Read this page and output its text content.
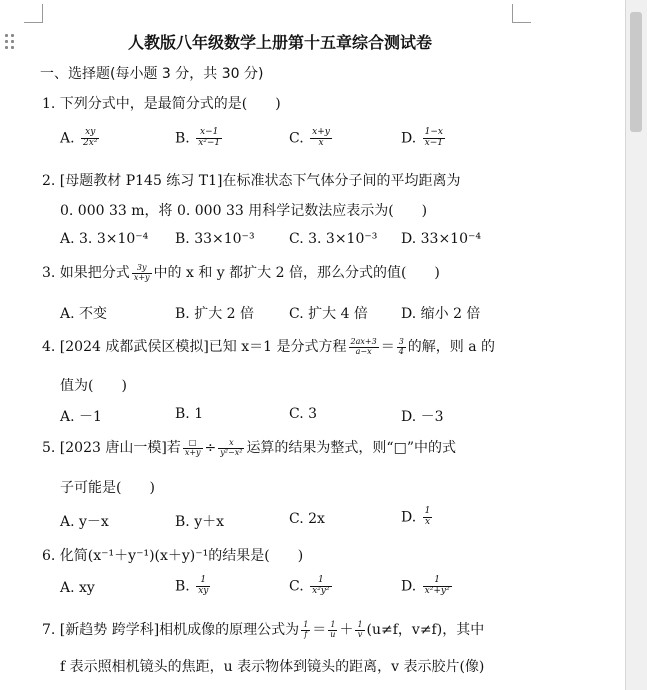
人教版八年级数学上册第十五章综合测试卷
一、选择题(每小题 3 分，共 30 分)
1. 下列分式中，是最简分式的是(　　)
A. $\frac{xy}{\text{2x²}}$	B. $\frac{x-1}{\text{x²−1}}$	C. $\frac{x+y}{x}$	D. $\frac{1-x}{x-1}$
2. [母题教材 P145 练习 T1]在标准状态下气体分子间的平均距离为
0. 000 33 m，将 0. 000 33 用科学记数法应表示为(　　)
A. 3. 3×10⁻⁴ B. 33×10⁻³ C. 3. 3×10⁻³ D. 33×10⁻⁴
3. 如果把分式 $\frac{3y}{x+y}$ 中的 x 和 y 都扩大 2 倍，那么分式的值(　　)
A. 不变	B. 扩大 2 倍	C. 扩大 4 倍 D. 缩小 2 倍
4. [2024 成都武侯区模拟]已知 x＝1 是分式方程 $\frac{2ax+3}{a-x} = \frac{3}{4}$ 的解，则 a 的
值为(　　)
A. －1	B. 1	C. 3	D. －3
5. [2023 唐山一模]若 $\frac{□}{x+y} \div \frac{x}{\text{y²−x²}}$ 运算的结果为整式，则“□”中的式
子可能是(　　)
A. y－x	B. y＋x	C. 2x	D. $\frac{1}{x}$
6. 化简(x⁻¹＋y⁻¹)(x＋y)⁻¹的结果是(　　)
A. xy	B. $\frac{1}{xy}$	C. $\frac{1}{\text{x²y²}}$	D. $\frac{1}{\text{x²+y²}}$
7. [新趋势 跨学科]相机成像的原理公式为 $\frac{1}{f} = \frac{1}{u} + \frac{1}{v} (u\ne f$，v≠f)，其中
f 表示照相机镜头的焦距，u 表示物体到镜头的距离，v 表示胶片(像)
